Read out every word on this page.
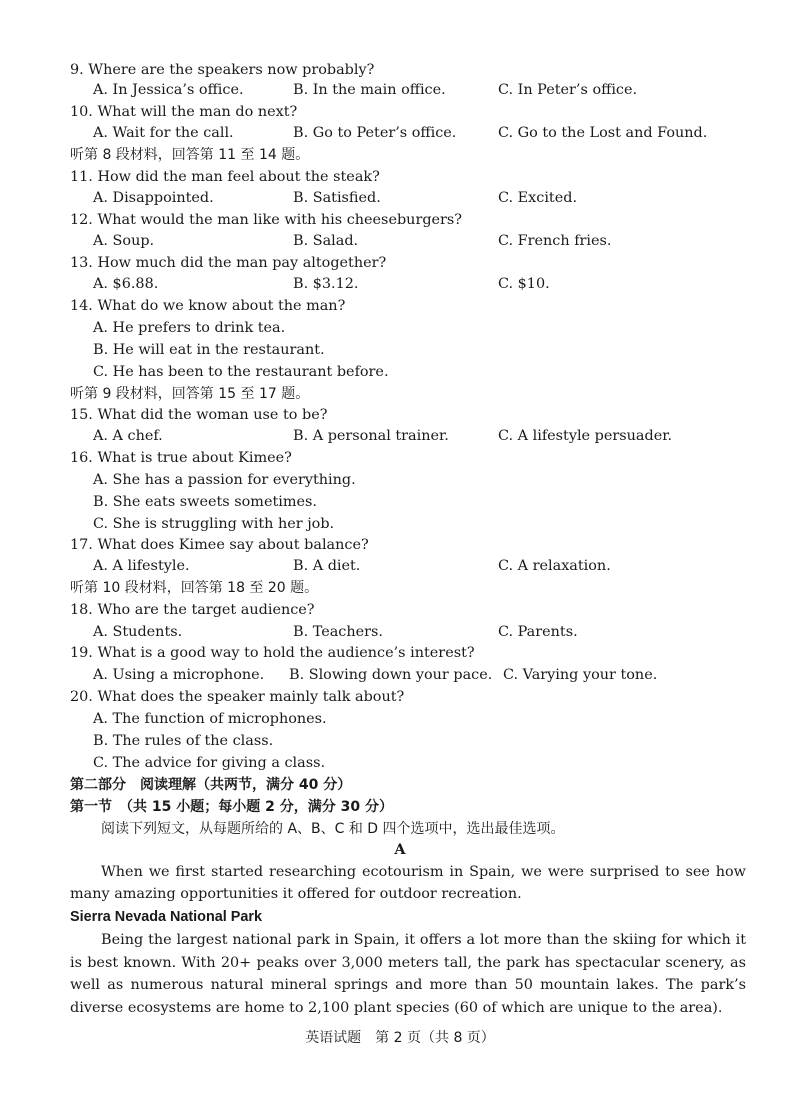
9. Where are the speakers now probably?
A. In Jessica’s office.	B. In the main office.	C. In Peter’s office.
10. What will the man do next?
A. Wait for the call.	B. Go to Peter’s office.	C. Go to the Lost and Found.
听第 8 段材料，回答第 11 至 14 题。
11. How did the man feel about the steak?
A. Disappointed.	B. Satisfied.	C. Excited.
12. What would the man like with his cheeseburgers?
A. Soup.	B. Salad.	C. French fries.
13. How much did the man pay altogether?
A. $6.88.	B. $3.12.	C. $10.
14. What do we know about the man?
A. He prefers to drink tea.
B. He will eat in the restaurant.
C. He has been to the restaurant before.
听第 9 段材料，回答第 15 至 17 题。
15. What did the woman use to be?
A. A chef.	B. A personal trainer.	C. A lifestyle persuader.
16. What is true about Kimee?
A. She has a passion for everything.
B. She eats sweets sometimes.
C. She is struggling with her job.
17. What does Kimee say about balance?
A. A lifestyle.	B. A diet.	C. A relaxation.
听第 10 段材料，回答第 18 至 20 题。
18. Who are the target audience?
A. Students.	B. Teachers.	C. Parents.
19. What is a good way to hold the audience’s interest?
A. Using a microphone. B. Slowing down your pace. C. Varying your tone.
20. What does the speaker mainly talk about?
A. The function of microphones.
B. The rules of the class.
C. The advice for giving a class.
第二部分　阅读理解（共两节，满分 40 分）
第一节　（共 15 小题；每小题 2 分，满分 30 分）
阅读下列短文，从每题所给的 A、B、C 和 D 四个选项中，选出最佳选项。
A
When we first started researching ecotourism in Spain, we were surprised to see how many amazing opportunities it offered for outdoor recreation.
Sierra Nevada National Park
Being the largest national park in Spain, it offers a lot more than the skiing for which it is best known. With 20+ peaks over 3,000 meters tall, the park has spectacular scenery, as well as numerous natural mineral springs and more than 50 mountain lakes. The park’s diverse ecosystems are home to 2,100 plant species (60 of which are unique to the area).
英语试题　第 2 页（共 8 页）
